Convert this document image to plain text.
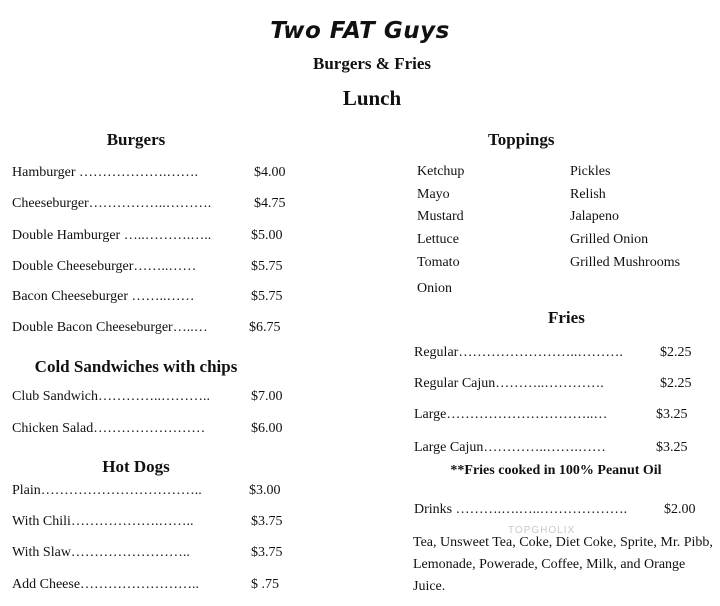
Two FAT Guys
Burgers & Fries
Lunch
Burgers
Hamburger ……………….…….	$4.00
Cheeseburger……………..……….	$4.75
Double Hamburger …..……….…..	$5.00
Double Cheeseburger……..……	$5.75
Bacon Cheeseburger ……..……	$5.75
Double Bacon Cheeseburger…..…	$6.75
Cold Sandwiches with chips
Club Sandwich…………..………..	$7.00
Chicken Salad……………………	$6.00
Hot Dogs
Plain……………………………..	$3.00
With Chili……………….……..	$3.75
With Slaw……………………..	$3.75
Add Cheese……………………..	$ .75
Toppings
Ketchup
Mayo
Mustard
Lettuce
Tomato
Onion
Pickles
Relish
Jalapeno
Grilled Onion
Grilled Mushrooms
Fries
Regular……………………..……….	$2.25
Regular Cajun………..………….	$2.25
Large…………………………..…	$3.25
Large Cajun…………..…….……	$3.25
**Fries cooked in 100% Peanut Oil
Drinks ……….….…..……………….	$2.00
Tea, Unsweet Tea, Coke, Diet Coke, Sprite, Mr. Pibb, Lemonade, Powerade, Coffee, Milk, and Orange Juice.
TOPGHOLIX
